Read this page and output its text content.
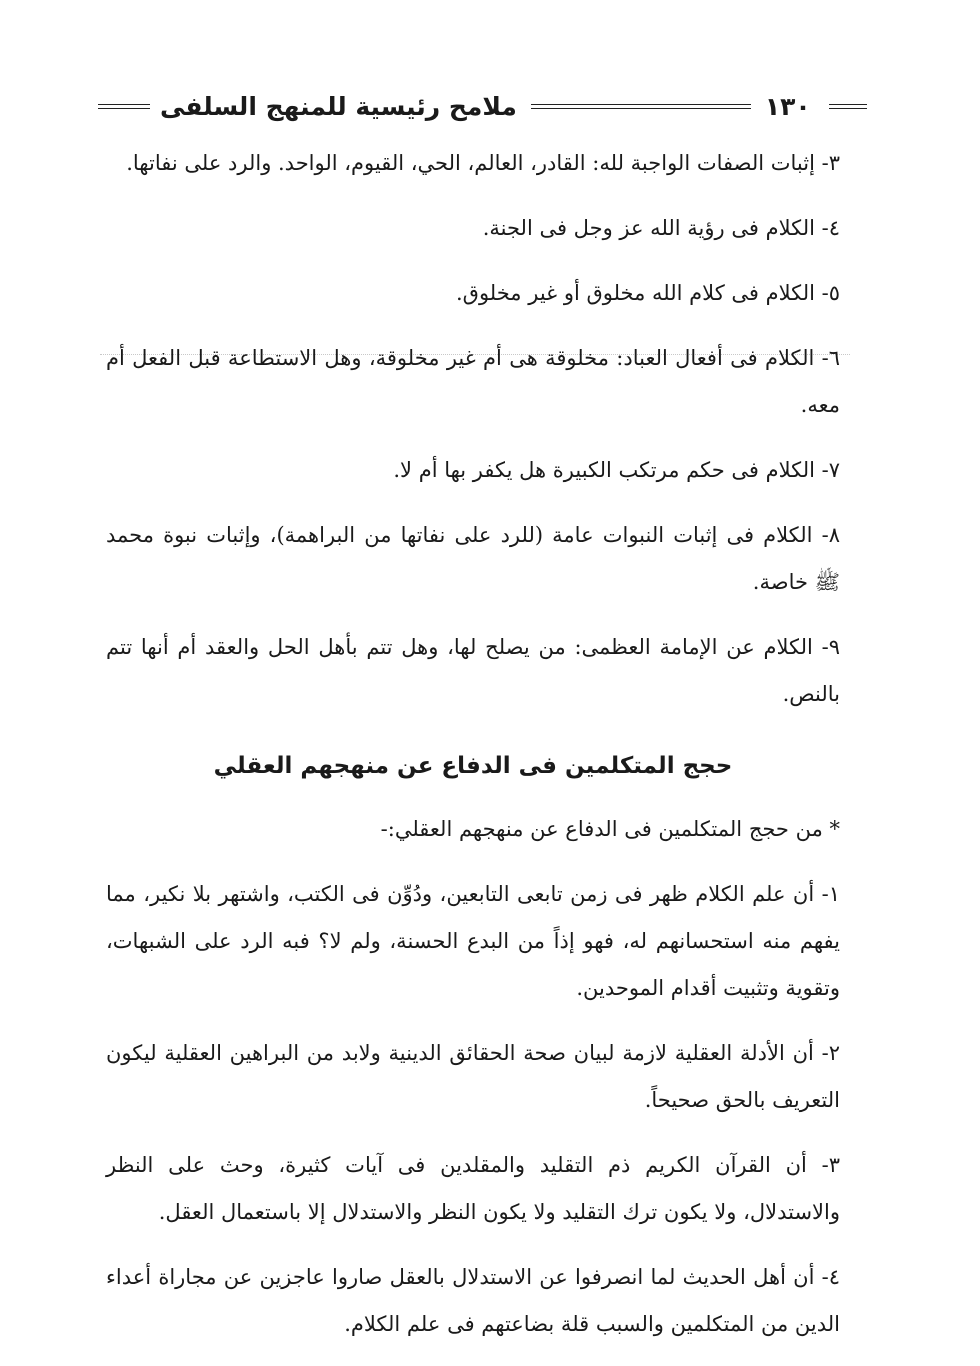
ملامح رئيسية للمنهج السلفى	١٣٠

٣- إثبات الصفات الواجبة لله: القادر، العالم، الحي، القيوم، الواحد. والرد على نفاتها.

٤- الكلام فى رؤية الله عز وجل فى الجنة.

٥- الكلام فى كلام الله مخلوق أو غير مخلوق.

٦- الكلام فى أفعال العباد: مخلوقة هى أم غير مخلوقة، وهل الاستطاعة قبل الفعل أم معه.

٧- الكلام فى حكم مرتكب الكبيرة هل يكفر بها أم لا.

٨- الكلام فى إثبات النبوات عامة (للرد على نفاتها من البراهمة)، وإثبات نبوة محمد ﷺ خاصة.

٩- الكلام عن الإمامة العظمى: من يصلح لها، وهل تتم بأهل الحل والعقد أم أنها تتم بالنص.

حجج المتكلمين فى الدفاع عن منهجهم العقلي

* من حجج المتكلمين فى الدفاع عن منهجهم العقلي:-

١- أن علم الكلام ظهر فى زمن تابعى التابعين، ودُوِّن فى الكتب، واشتهر بلا نكير، مما يفهم منه استحسانهم له، فهو إذاً من البدع الحسنة، ولم لا؟ فبه الرد على الشبهات، وتقوية وتثبيت أقدام الموحدين.

٢- أن الأدلة العقلية لازمة لبيان صحة الحقائق الدينية ولابد من البراهين العقلية ليكون التعريف بالحق صحيحاً.

٣- أن القرآن الكريم ذم التقليد والمقلدين فى آيات كثيرة، وحث على النظر والاستدلال، ولا يكون ترك التقليد ولا يكون النظر والاستدلال إلا باستعمال العقل.

٤- أن أهل الحديث لما انصرفوا عن الاستدلال بالعقل صاروا عاجزين عن مجاراة أعداء الدين من المتكلمين والسبب قلة بضاعتهم فى علم الكلام.
